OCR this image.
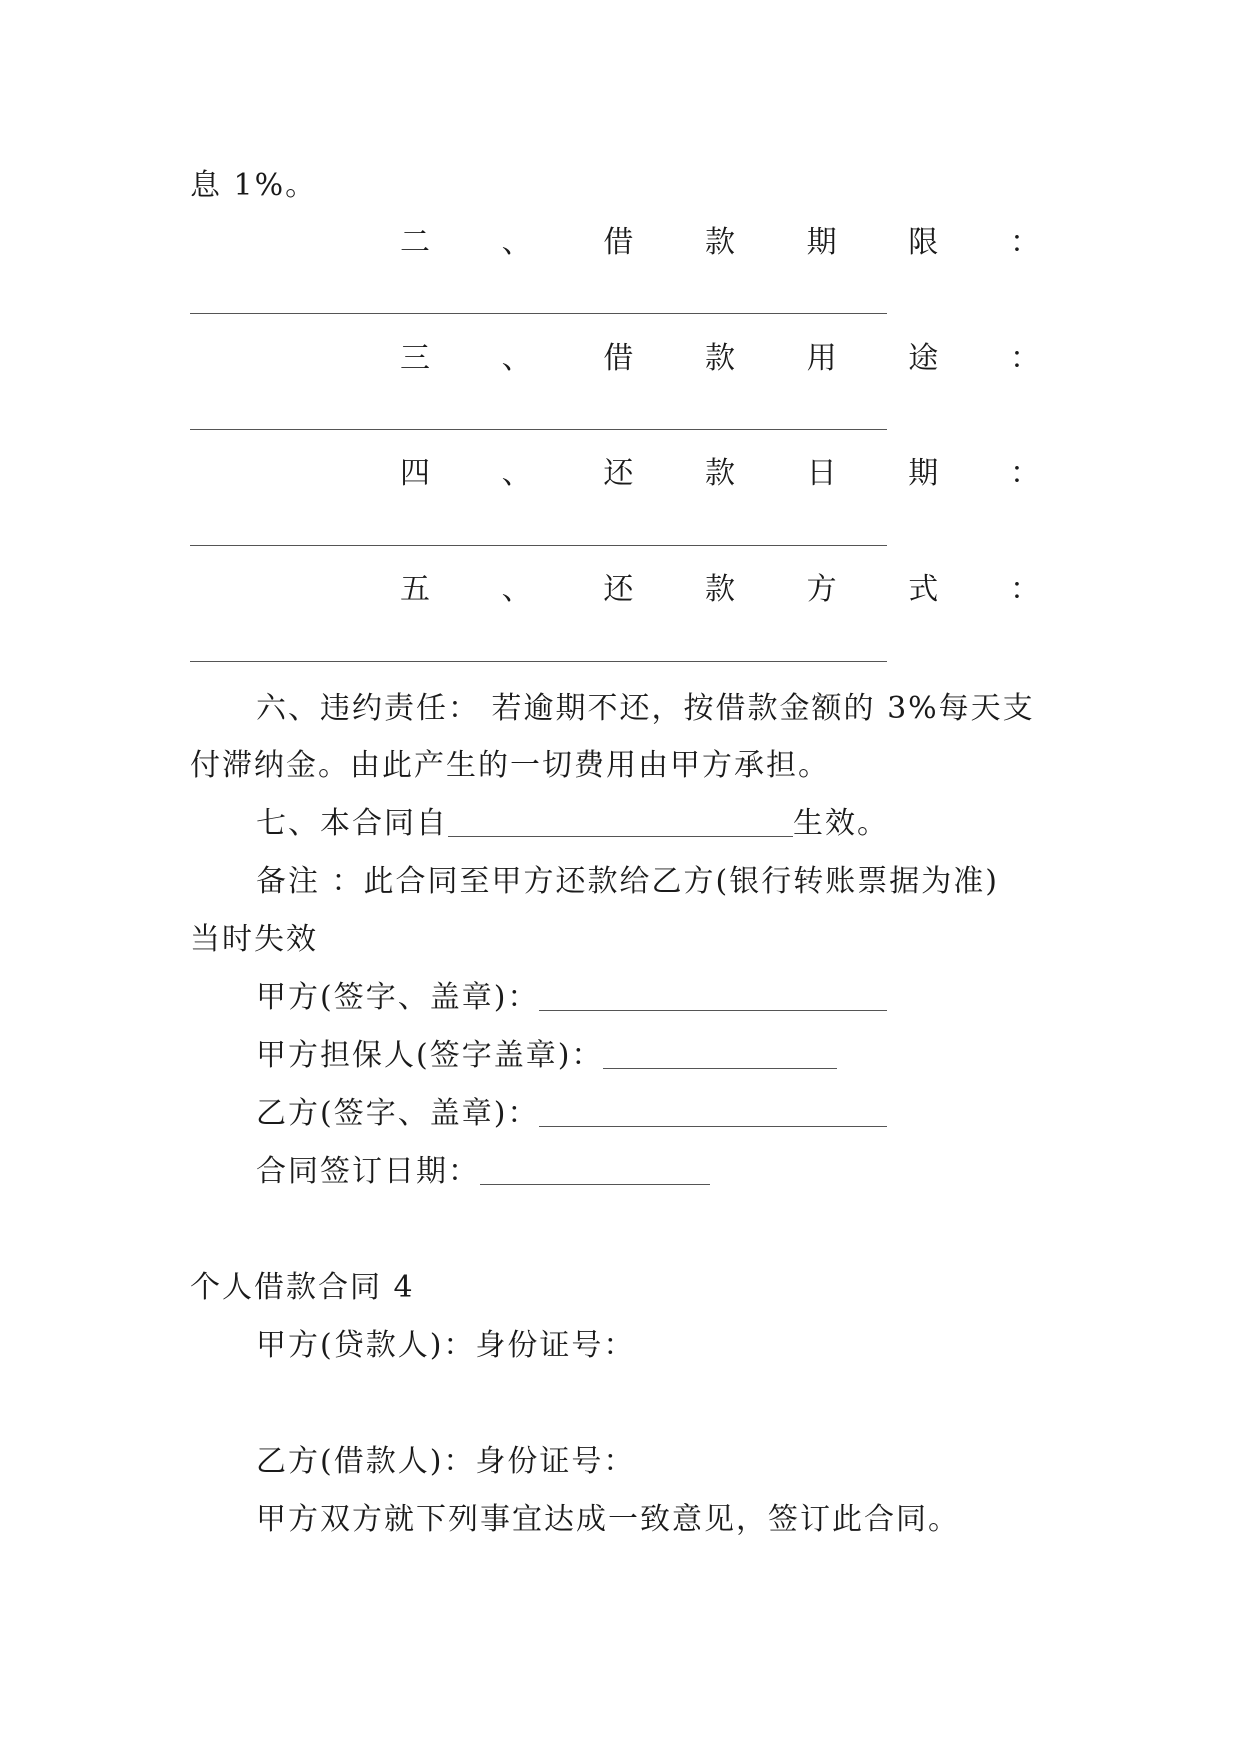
息 1%。
二 、 借 款 期 限 ：
三 、 借 款 用 途 ：
四 、 还 款 日 期 ：
五 、 还 款 方 式 ：
六、违约责任： 若逾期不还，按借款金额的 3%每天支
付滞纳金。由此产生的一切费用由甲方承担。
七、本合同自	生效。
备注 ：此合同至甲方还款给乙方(银行转账票据为准)
当时失效
甲方(签字、盖章)：
甲方担保人(签字盖章)：
乙方(签字、盖章)：
合同签订日期：
个人借款合同 4
甲方(贷款人)：身份证号：
乙方(借款人)：身份证号：
甲方双方就下列事宜达成一致意见，签订此合同。
